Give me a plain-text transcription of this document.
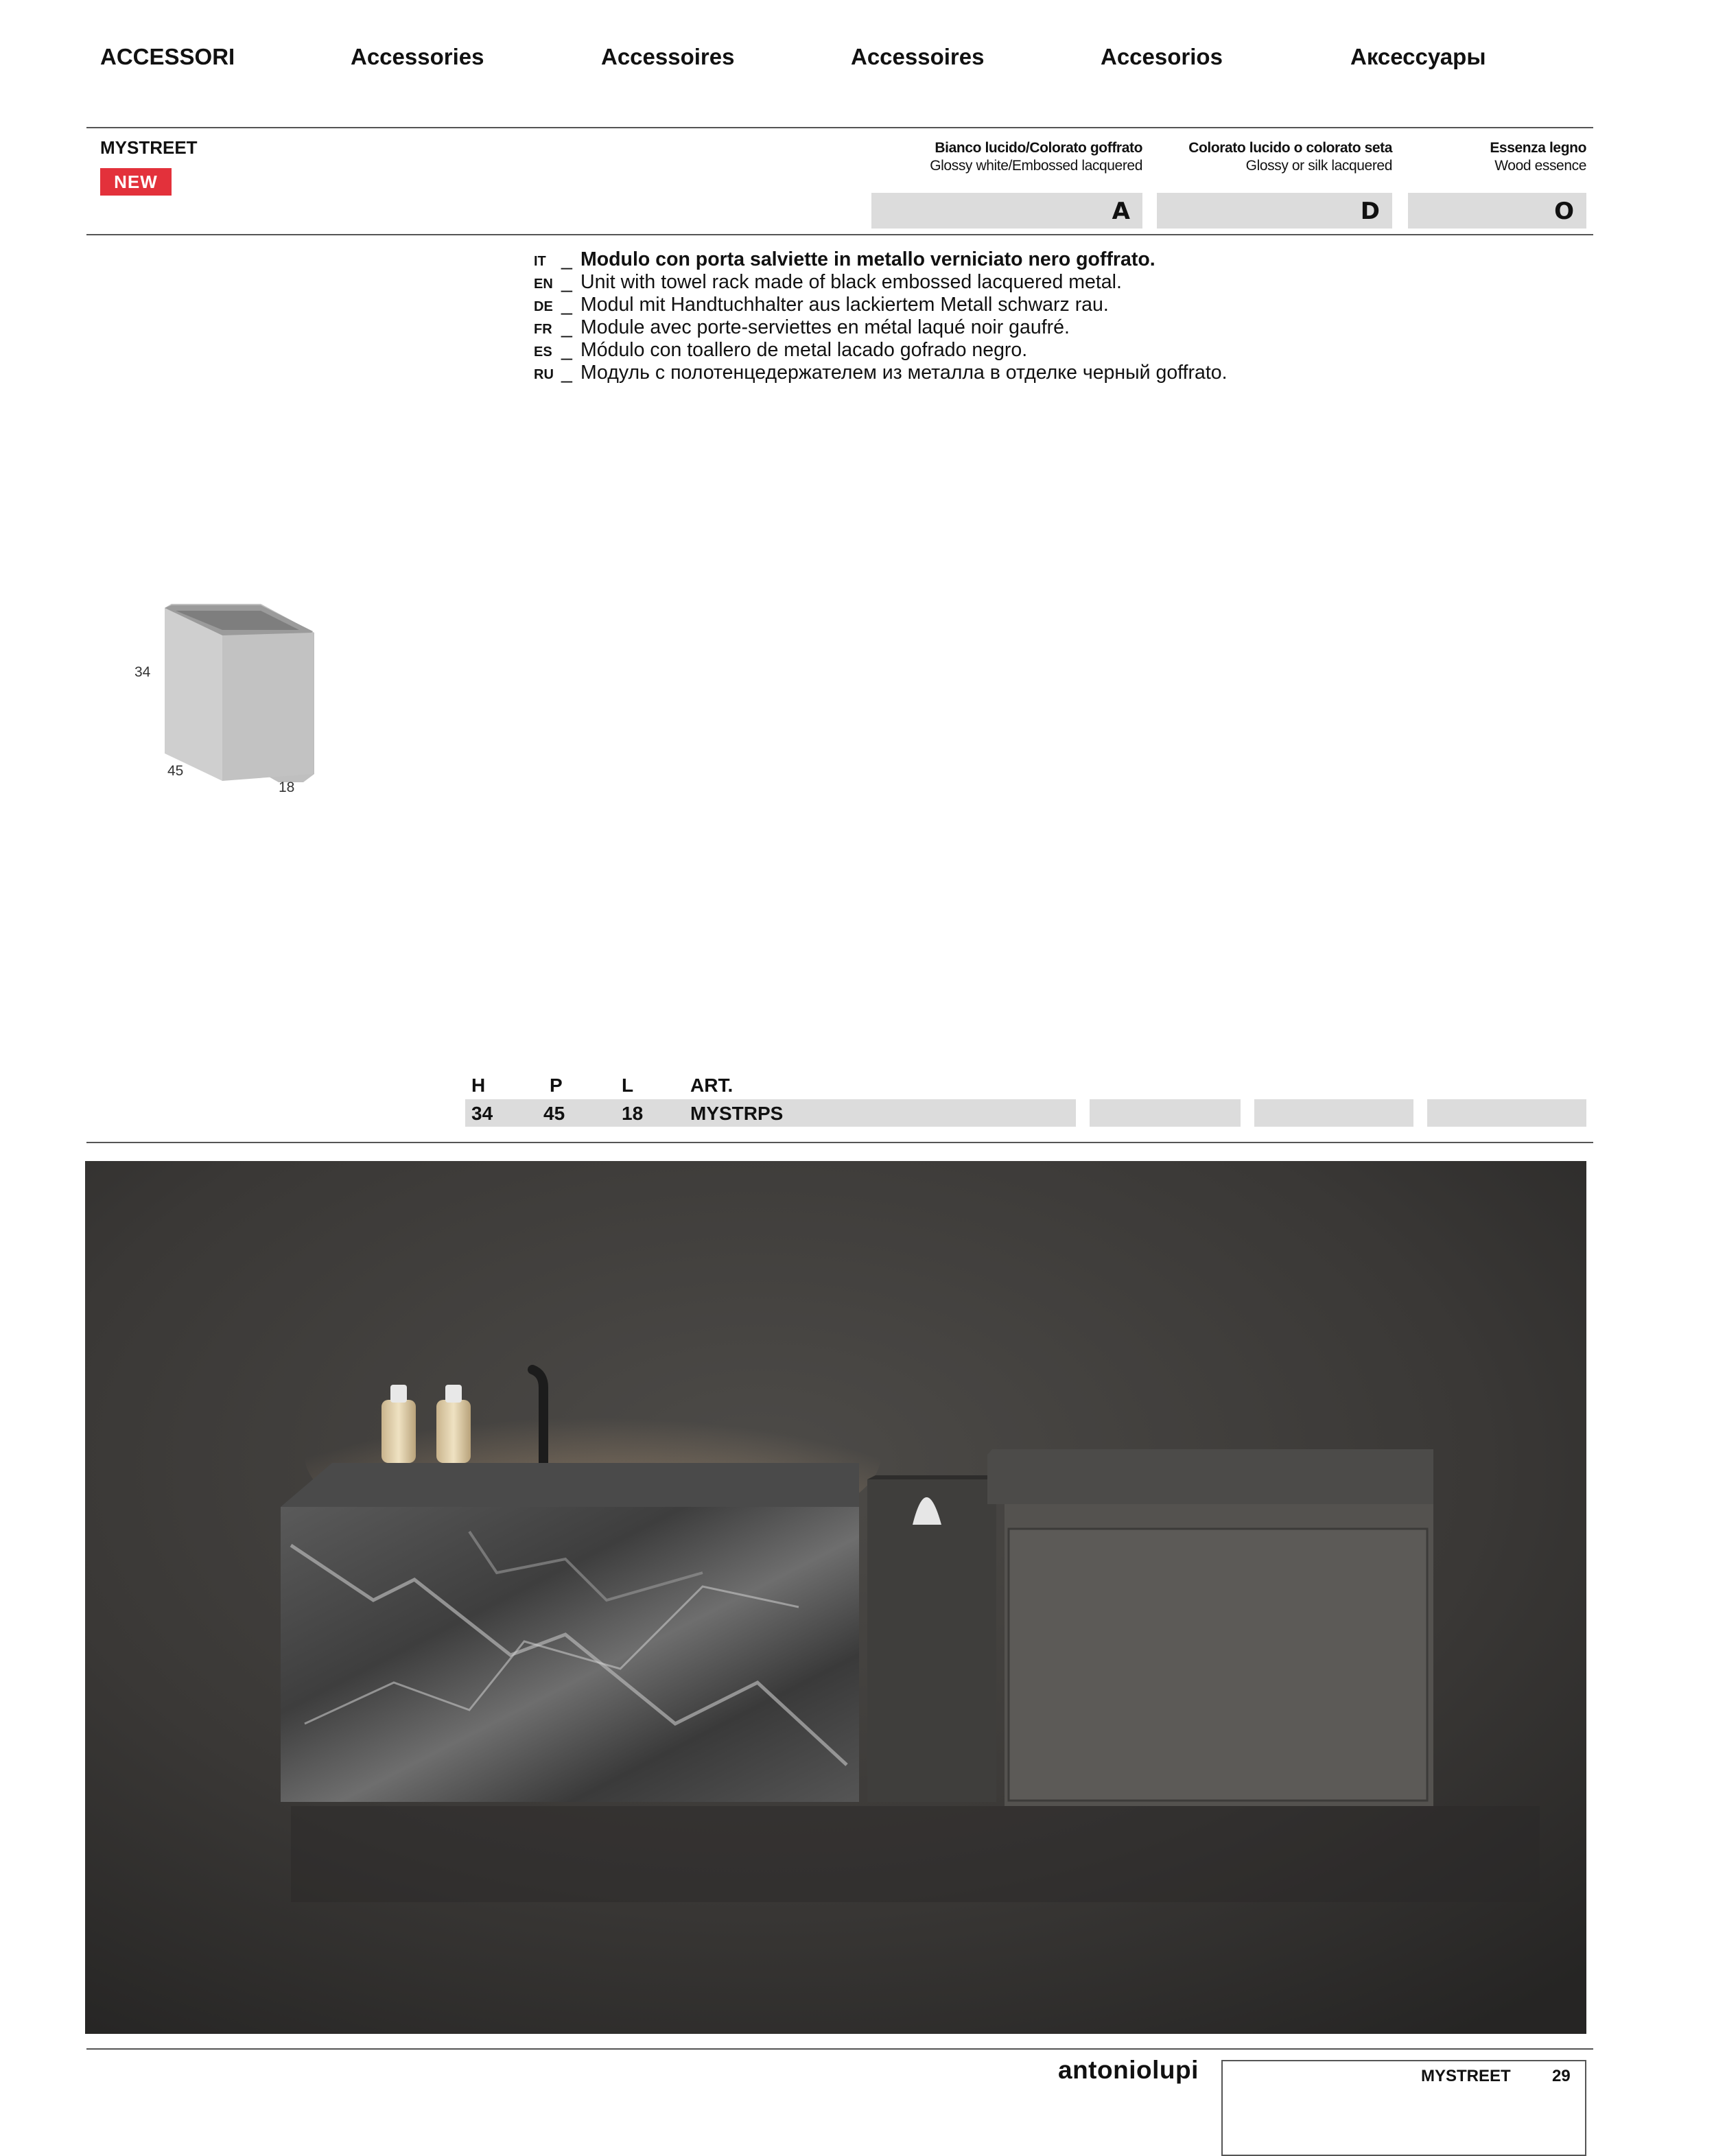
ACCESSORI	Accessories	Accessoires	Accessoires	Accesorios	Аксессуары
MYSTREET
NEW
Bianco lucido/Colorato goffrato
Glossy white/Embossed lacquered
Colorato lucido o colorato seta
Glossy or silk lacquered
Essenza legno
Wood essence
A	D	O
IT _ Modulo con porta salviette in metallo verniciato nero goffrato.
EN _ Unit with towel rack made of black embossed lacquered metal.
DE _ Modul mit Handtuchhalter aus lackiertem Metall schwarz rau.
FR _ Module avec porte-serviettes en métal laqué noir gaufré.
ES _ Módulo con toallero de metal lacado gofrado negro.
RU _ Модуль с полотенцедержателем из металла в отделке черный goffrato.
34
45
18
H	P	L	ART.
34	45	18 MYSTRPS
antoniolupi	MYSTREET	29
